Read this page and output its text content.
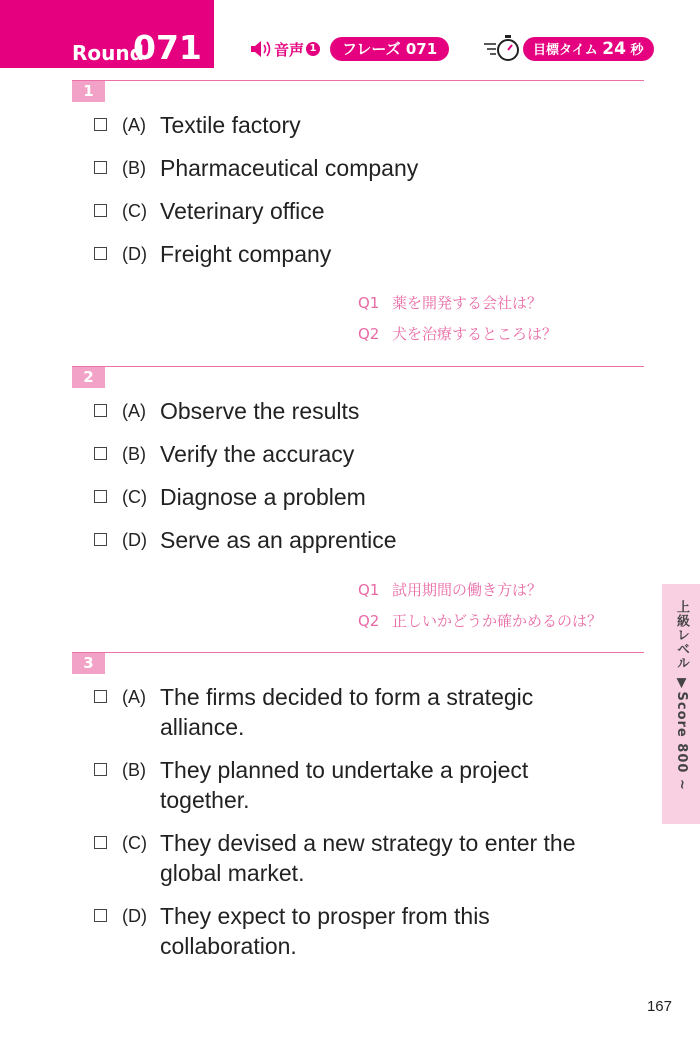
Round
071	音声 1	フレーズ 071	目標タイム 24 秒
1
(A) Textile factory
(B) Pharmaceutical company
(C) Veterinary office
(D) Freight company
Q1 薬を開発する会社は？
Q2 犬を治療するところは？
2
(A) Observe the results
(B) Verify the accuracy
(C) Diagnose a problem
(D) Serve as an apprentice
Q1 試用期間の働き方は？
Q2 正しいかどうか確かめるのは？
3
(A) The firms decided to form a strategic
alliance.
(B) They planned to undertake a project
together.
(C) They devised a new strategy to enter the
global market.
(D) They expect to prosper from this
collaboration.
上級レベル ▼Score 800 ~
167
